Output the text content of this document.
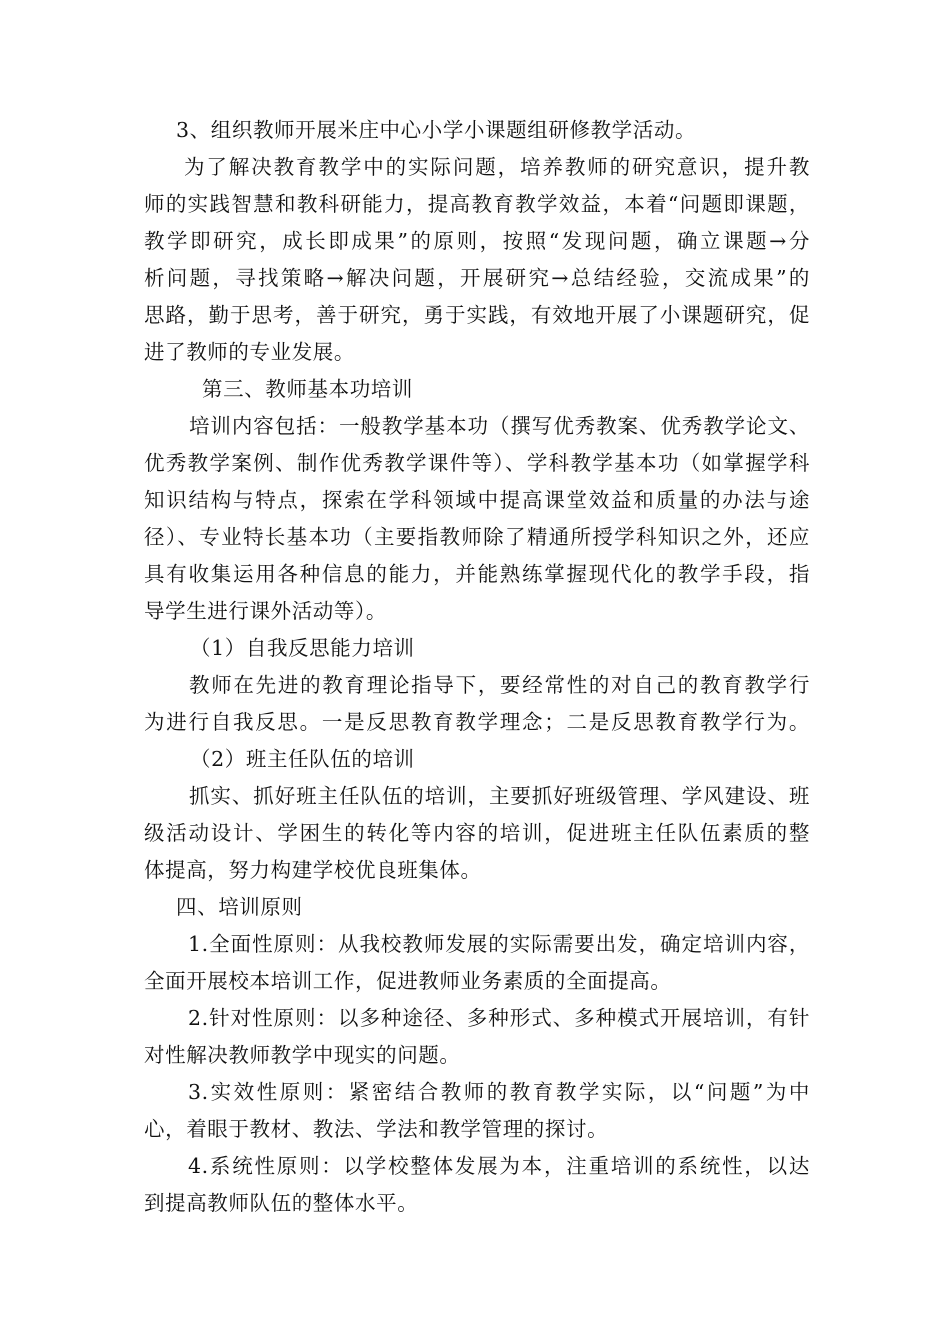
3、组织教师开展米庄中心小学小课题组研修教学活动。
为了解决教育教学中的实际问题，培养教师的研究意识，提升教
师的实践智慧和教科研能力，提高教育教学效益，本着“问题即课题，
教学即研究，成长即成果”的原则，按照“发现问题，确立课题→分
析问题，寻找策略→解决问题，开展研究→总结经验，交流成果”的
思路，勤于思考，善于研究，勇于实践，有效地开展了小课题研究，促
进了教师的专业发展。
第三、教师基本功培训
培训内容包括：一般教学基本功（撰写优秀教案、优秀教学论文、
优秀教学案例、制作优秀教学课件等）、学科教学基本功（如掌握学科
知识结构与特点，探索在学科领域中提高课堂效益和质量的办法与途
径）、专业特长基本功（主要指教师除了精通所授学科知识之外，还应
具有收集运用各种信息的能力，并能熟练掌握现代化的教学手段，指
导学生进行课外活动等）。
（1）自我反思能力培训
教师在先进的教育理论指导下，要经常性的对自己的教育教学行
为进行自我反思。一是反思教育教学理念；二是反思教育教学行为。
（2）班主任队伍的培训
抓实、抓好班主任队伍的培训，主要抓好班级管理、学风建设、班
级活动设计、学困生的转化等内容的培训，促进班主任队伍素质的整
体提高，努力构建学校优良班集体。
四、培训原则
1.全面性原则：从我校教师发展的实际需要出发，确定培训内容，
全面开展校本培训工作，促进教师业务素质的全面提高。
2.针对性原则：以多种途径、多种形式、多种模式开展培训，有针
对性解决教师教学中现实的问题。
3.实效性原则：紧密结合教师的教育教学实际，以“问题”为中
心，着眼于教材、教法、学法和教学管理的探讨。
4.系统性原则：以学校整体发展为本，注重培训的系统性，以达
到提高教师队伍的整体水平。
